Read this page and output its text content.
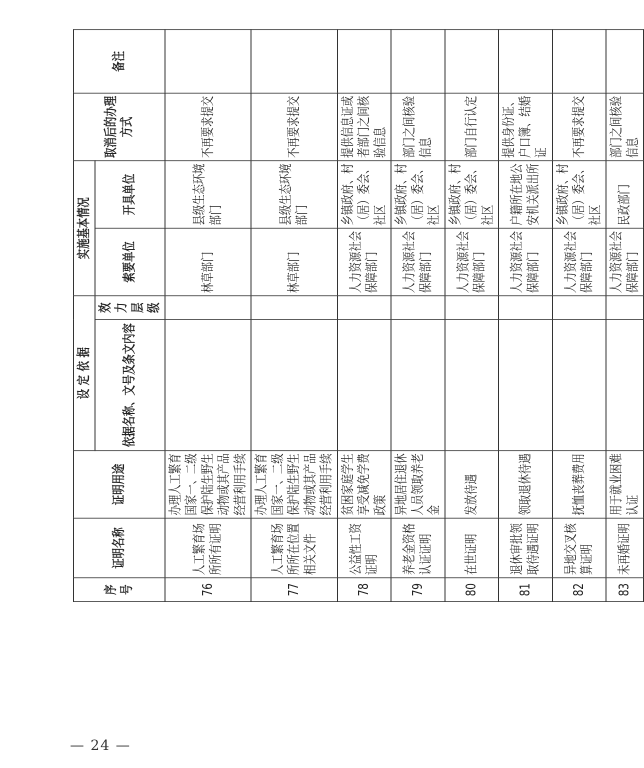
序号	证明名称	证明用途	设 定 依 据		实施基本情况		取消后的办理方式	备注
			依据名称、文号及条文内容	效力层级	索要单位	开具单位		

76	人工繁育场所所有证明	办理人工繁育国家一、二级保护陆生野生动物或其产品经营利用手续			林草部门	县级生态环境部门	不再要求提交	
77	人工繁育场所所在位置相关文件	办理人工繁育国家一、二级保护陆生野生动物或其产品经营利用手续			林草部门	县级生态环境部门	不再要求提交	
78	公益性工资证明	贫困家庭学生享受减免学费政策			人力资源社会保障部门	乡镇政府、村（居）委会、社区	提供信息证或者部门之间核验信息	
79	养老金资格认证证明	异地居住退休人员领取养老金			人力资源社会保障部门	乡镇政府、村（居）委会、社区	部门之间核验信息	
80	在世证明	发放待遇			人力资源社会保障部门	乡镇政府、村（居）委会、社区	部门自行认定	
81	退休审批领取待遇证明	领取退休待遇			人力资源社会保障部门	户籍所在地公安机关派出所	提供身份证、户口簿、结婚证	
82	异地交叉核算证明	抚恤丧葬费用			人力资源社会保障部门	乡镇政府、村（居）委会、社区	不再要求提交	
83	未再婚证明	用于就业困难认证			人力资源社会保障部门	民政部门	部门之间核验信息	
— 24 —
